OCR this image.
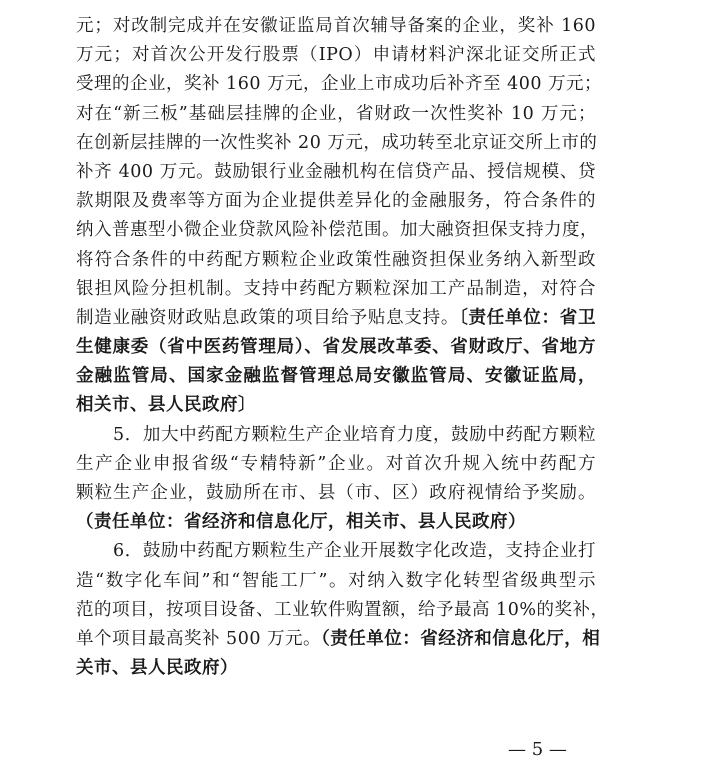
元；对改制完成并在安徽证监局首次辅导备案的企业，奖补 160
万元；对首次公开发行股票（IPO）申请材料沪深北证交所正式
受理的企业，奖补 160 万元，企业上市成功后补齐至 400 万元；
对在“新三板”基础层挂牌的企业，省财政一次性奖补 10 万元；
在创新层挂牌的一次性奖补 20 万元，成功转至北京证交所上市的
补齐 400 万元。鼓励银行业金融机构在信贷产品、授信规模、贷
款期限及费率等方面为企业提供差异化的金融服务，符合条件的
纳入普惠型小微企业贷款风险补偿范围。加大融资担保支持力度，
将符合条件的中药配方颗粒企业政策性融资担保业务纳入新型政
银担风险分担机制。支持中药配方颗粒深加工产品制造，对符合
制造业融资财政贴息政策的项目给予贴息支持。〔责任单位：省卫
生健康委（省中医药管理局）、省发展改革委、省财政厅、省地方
金融监管局、国家金融监督管理总局安徽监管局、安徽证监局，
相关市、县人民政府〕
5．加大中药配方颗粒生产企业培育力度，鼓励中药配方颗粒
生产企业申报省级“专精特新”企业。对首次升规入统中药配方
颗粒生产企业，鼓励所在市、县（市、区）政府视情给予奖励。
（责任单位：省经济和信息化厅，相关市、县人民政府）
6．鼓励中药配方颗粒生产企业开展数字化改造，支持企业打
造“数字化车间”和“智能工厂”。对纳入数字化转型省级典型示
范的项目，按项目设备、工业软件购置额，给予最高 10%的奖补，
单个项目最高奖补 500 万元。（责任单位：省经济和信息化厅，相
关市、县人民政府）
— 5 —
